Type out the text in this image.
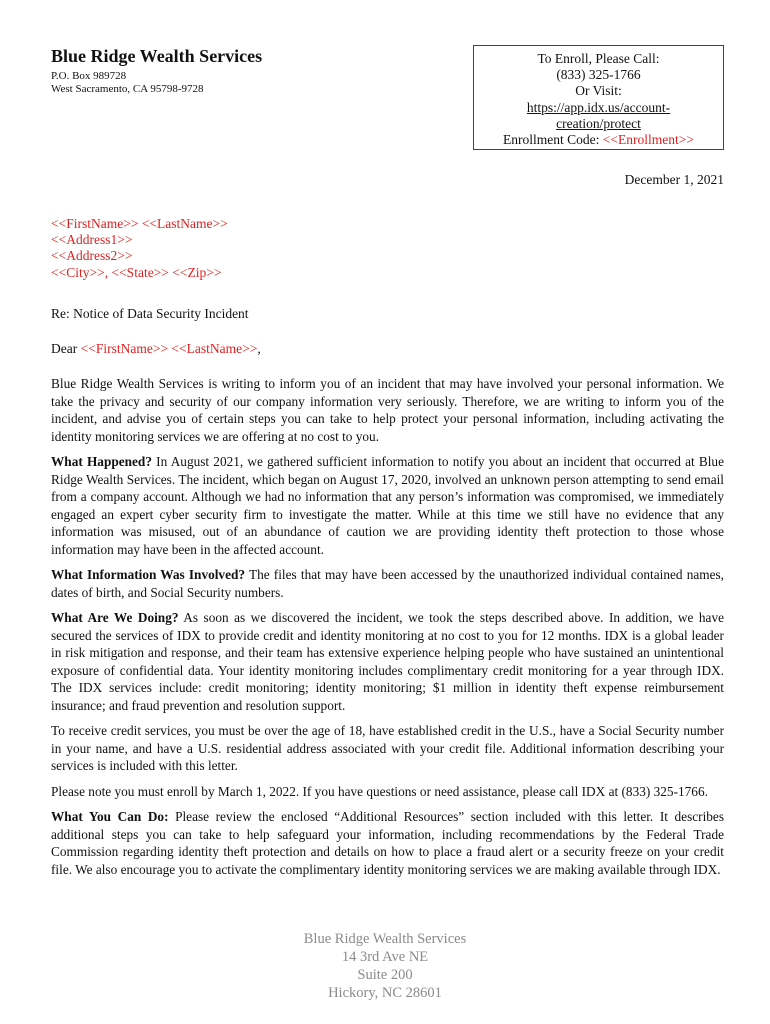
Blue Ridge Wealth Services
P.O. Box 989728
West Sacramento, CA 95798-9728
To Enroll, Please Call:
(833) 325-1766
Or Visit:
https://app.idx.us/account-
creation/protect
Enrollment Code: <<Enrollment>>
December 1, 2021
<<FirstName>> <<LastName>>
<<Address1>>
<<Address2>>
<<City>>, <<State>> <<Zip>>
Re: Notice of Data Security Incident
Dear <<FirstName>> <<LastName>>,

Blue Ridge Wealth Services is writing to inform you of an incident that may have involved your personal information. We take the privacy and security of our company information very seriously. Therefore, we are writing to inform you of the incident, and advise you of certain steps you can take to help protect your personal information, including activating the identity monitoring services we are offering at no cost to you.

What Happened? In August 2021, we gathered sufficient information to notify you about an incident that occurred at Blue Ridge Wealth Services. The incident, which began on August 17, 2020, involved an unknown person attempting to send email from a company account. Although we had no information that any person’s information was compromised, we immediately engaged an expert cyber security firm to investigate the matter. While at this time we still have no evidence that any information was misused, out of an abundance of caution we are providing identity theft protection to those whose information may have been in the affected account.

What Information Was Involved? The files that may have been accessed by the unauthorized individual contained names, dates of birth, and Social Security numbers.

What Are We Doing? As soon as we discovered the incident, we took the steps described above. In addition, we have secured the services of IDX to provide credit and identity monitoring at no cost to you for 12 months. IDX is a global leader in risk mitigation and response, and their team has extensive experience helping people who have sustained an unintentional exposure of confidential data. Your identity monitoring includes complimentary credit monitoring for a year through IDX. The IDX services include: credit monitoring; identity monitoring; $1 million in identity theft expense reimbursement insurance; and fraud prevention and resolution support.

To receive credit services, you must be over the age of 18, have established credit in the U.S., have a Social Security number in your name, and have a U.S. residential address associated with your credit file. Additional information describing your services is included with this letter.

Please note you must enroll by March 1, 2022. If you have questions or need assistance, please call IDX at (833) 325-1766.

What You Can Do: Please review the enclosed “Additional Resources” section included with this letter. It describes additional steps you can take to help safeguard your information, including recommendations by the Federal Trade Commission regarding identity theft protection and details on how to place a fraud alert or a security freeze on your credit file. We also encourage you to activate the complimentary identity monitoring services we are making available through IDX.

Blue Ridge Wealth Services
14 3rd Ave NE
Suite 200
Hickory, NC 28601
